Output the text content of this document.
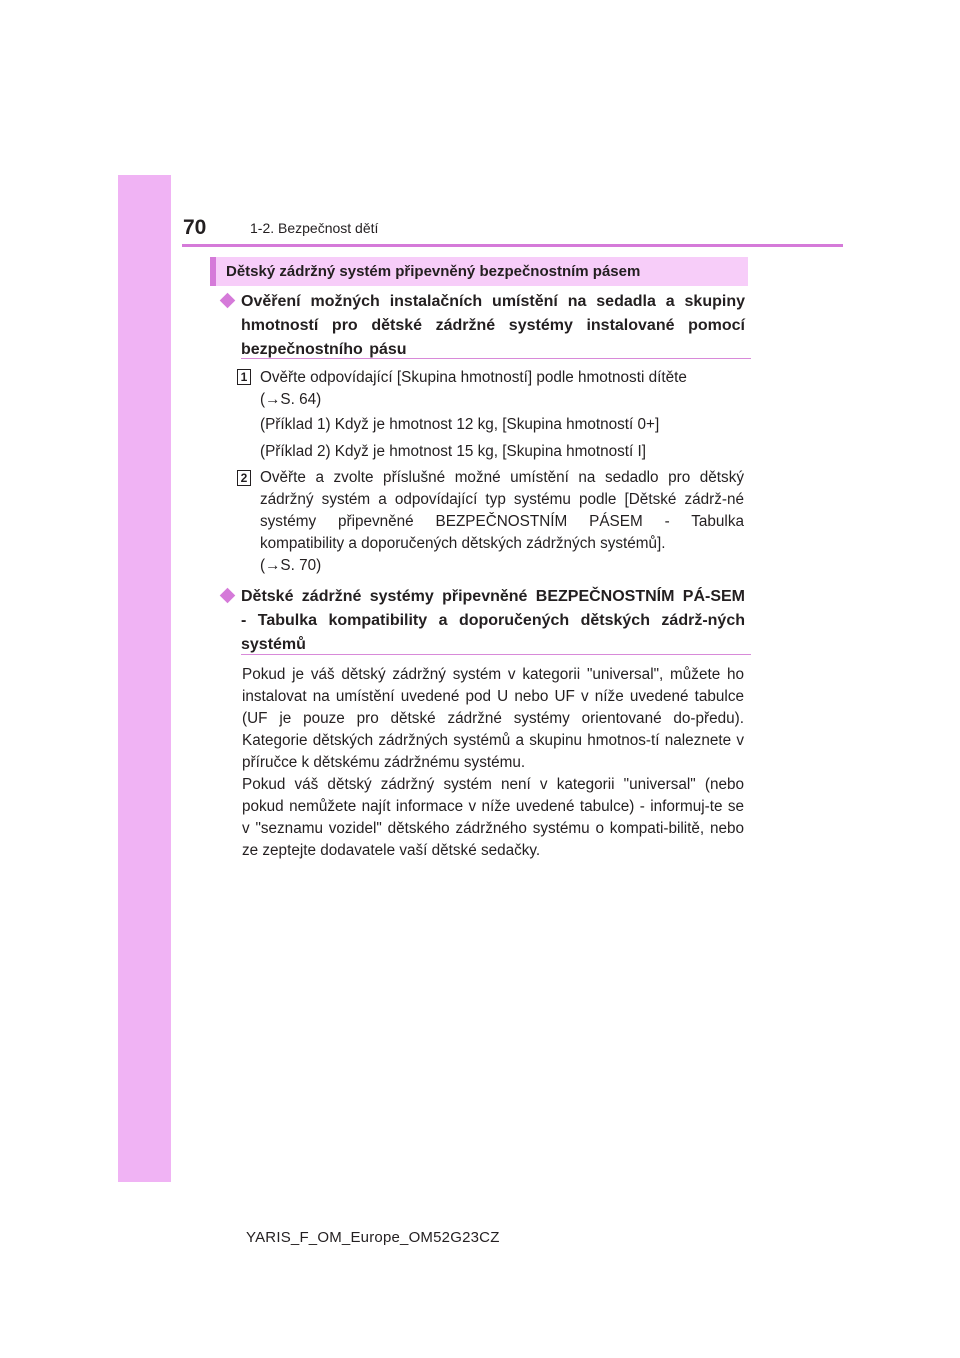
70	1-2. Bezpečnost dětí
Dětský zádržný systém připevněný bezpečnostním pásem
Ověření možných instalačních umístění na sedadla a skupiny hmotností pro dětské zádržné systémy instalované pomocí bezpečnostního pásu
1 Ověřte odpovídající [Skupina hmotností] podle hmotnosti dítěte
(→S. 64)
(Příklad 1) Když je hmotnost 12 kg, [Skupina hmotností 0+]
(Příklad 2) Když je hmotnost 15 kg, [Skupina hmotností I]
2 Ověřte a zvolte příslušné možné umístění na sedadlo pro dětský zádržný systém a odpovídající typ systému podle [Dětské zádrž-né systémy připevněné BEZPEČNOSTNÍM PÁSEM - Tabulka kompatibility a doporučených dětských zádržných systémů].
(→S. 70)
Dětské zádržné systémy připevněné BEZPEČNOSTNÍM PÁ-SEM - Tabulka kompatibility a doporučených dětských zádrž-ných systémů
Pokud je váš dětský zádržný systém v kategorii "universal", můžete ho instalovat na umístění uvedené pod U nebo UF v níže uvedené tabulce (UF je pouze pro dětské zádržné systémy orientované do-předu). Kategorie dětských zádržných systémů a skupinu hmotnos-tí naleznete v příručce k dětskému zádržnému systému.
Pokud váš dětský zádržný systém není v kategorii "universal" (nebo pokud nemůžete najít informace v níže uvedené tabulce) - informuj-te se v "seznamu vozidel" dětského zádržného systému o kompati-bilitě, nebo ze zeptejte dodavatele vaší dětské sedačky.
YARIS_F_OM_Europe_OM52G23CZ
